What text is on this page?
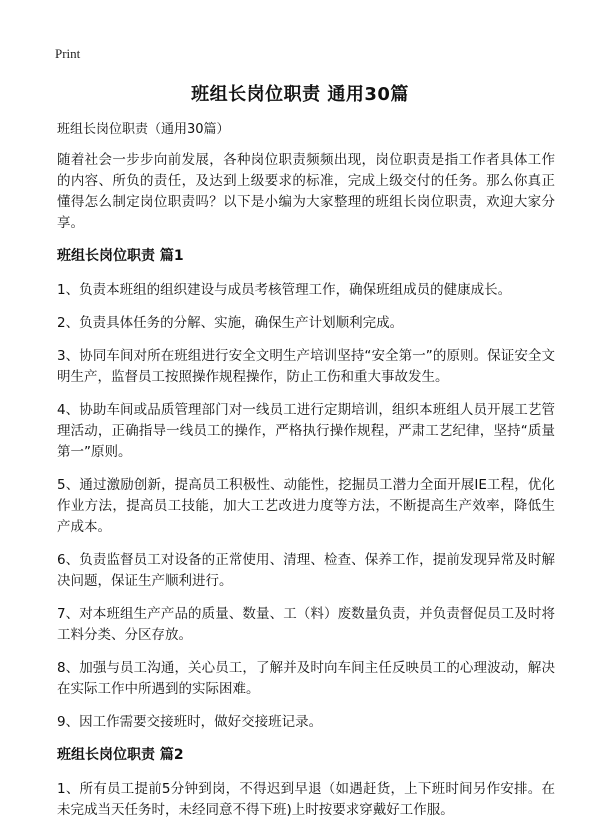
Print
班组长岗位职责 通用30篇

班组长岗位职责（通用30篇）

随着社会一步步向前发展，各种岗位职责频频出现，岗位职责是指工作者具体工作的内容、所负的责任，及达到上级要求的标准，完成上级交付的任务。那么你真正懂得怎么制定岗位职责吗？以下是小编为大家整理的班组长岗位职责，欢迎大家分享。

班组长岗位职责 篇1

1、负责本班组的组织建设与成员考核管理工作，确保班组成员的健康成长。

2、负责具体任务的分解、实施，确保生产计划顺利完成。

3、协同车间对所在班组进行安全文明生产培训坚持“安全第一”的原则。保证安全文明生产，监督员工按照操作规程操作，防止工伤和重大事故发生。

4、协助车间或品质管理部门对一线员工进行定期培训，组织本班组人员开展工艺管理活动，正确指导一线员工的操作，严格执行操作规程，严肃工艺纪律，坚持“质量第一”原则。

5、通过激励创新，提高员工积极性、动能性，挖掘员工潜力全面开展IE工程，优化作业方法，提高员工技能，加大工艺改进力度等方法，不断提高生产效率，降低生产成本。

6、负责监督员工对设备的正常使用、清理、检查、保养工作，提前发现异常及时解决问题，保证生产顺利进行。

7、对本班组生产产品的质量、数量、工（料）废数量负责，并负责督促员工及时将工料分类、分区存放。

8、加强与员工沟通，关心员工，了解并及时向车间主任反映员工的心理波动，解决在实际工作中所遇到的实际困难。

9、因工作需要交接班时，做好交接班记录。

班组长岗位职责 篇2

1、所有员工提前5分钟到岗，不得迟到早退（如遇赶货，上下班时间另作安排。在未完成当天任务时，未经同意不得下班)上时按要求穿戴好工作服。
